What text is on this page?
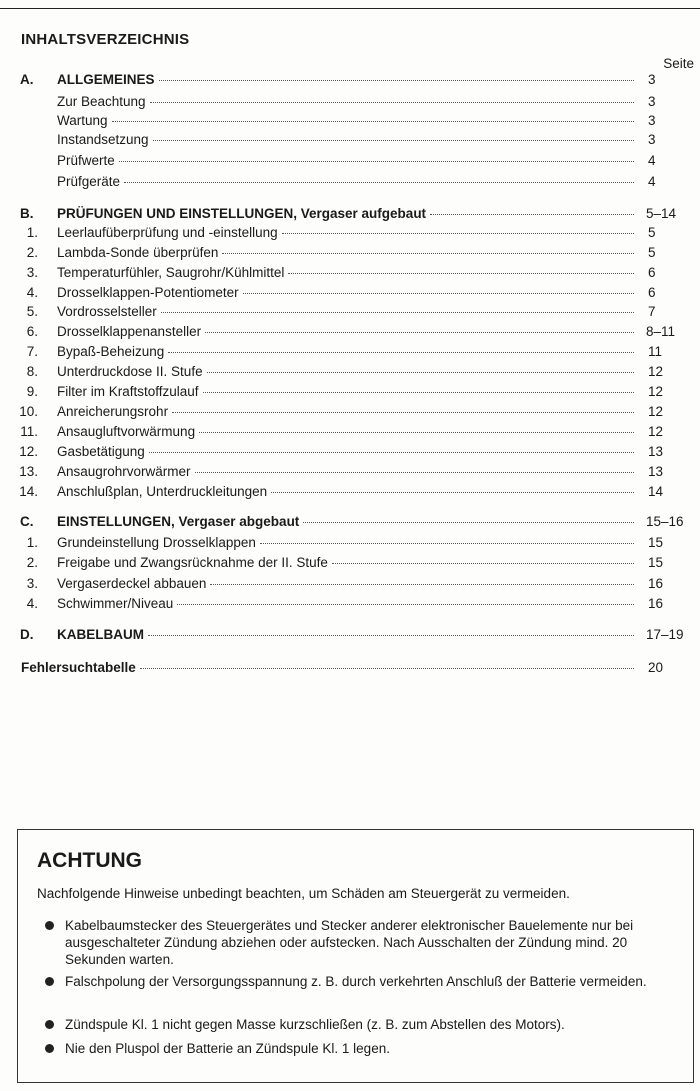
INHALTSVERZEICHNIS
Seite
A.	ALLGEMEINES	3
Zur Beachtung	3
Wartung	3
Instandsetzung	3
Prüfwerte	4
Prüfgeräte	4
B.	PRÜFUNGEN UND EINSTELLUNGEN, Vergaser aufgebaut	5–14
1. Leerlaufüberprüfung und -einstellung	5
2. Lambda-Sonde überprüfen	5
3. Temperaturfühler, Saugrohr/Kühlmittel	6
4. Drosselklappen-Potentiometer	6
5. Vordrosselsteller	7
6. Drosselklappenansteller	8–11
7. Bypaß-Beheizung	11
8. Unterdruckdose II. Stufe	12
9. Filter im Kraftstoffzulauf	12
10. Anreicherungsrohr	12
11. Ansaugluftvorwärmung	12
12. Gasbetätigung	13
13. Ansaugrohrvorwärmer	13
14. Anschlußplan, Unterdruckleitungen	14
C.	EINSTELLUNGEN, Vergaser abgebaut	15–16
1. Grundeinstellung Drosselklappen	15
2. Freigabe und Zwangsrücknahme der II. Stufe	15
3. Vergaserdeckel abbauen	16
4. Schwimmer/Niveau	16
D.	KABELBAUM	17–19
Fehlersuchtabelle	20
ACHTUNG
Nachfolgende Hinweise unbedingt beachten, um Schäden am Steuergerät zu vermeiden.
Kabelbaumstecker des Steuergerätes und Stecker anderer elektronischer Bauelemente nur bei ausgeschalteter Zündung abziehen oder aufstecken. Nach Ausschalten der Zündung mind. 20 Sekunden warten.
Falschpolung der Versorgungsspannung z. B. durch verkehrten Anschluß der Batterie vermeiden.
Zündspule Kl. 1 nicht gegen Masse kurzschließen (z. B. zum Abstellen des Motors).
Nie den Pluspol der Batterie an Zündspule Kl. 1 legen.
